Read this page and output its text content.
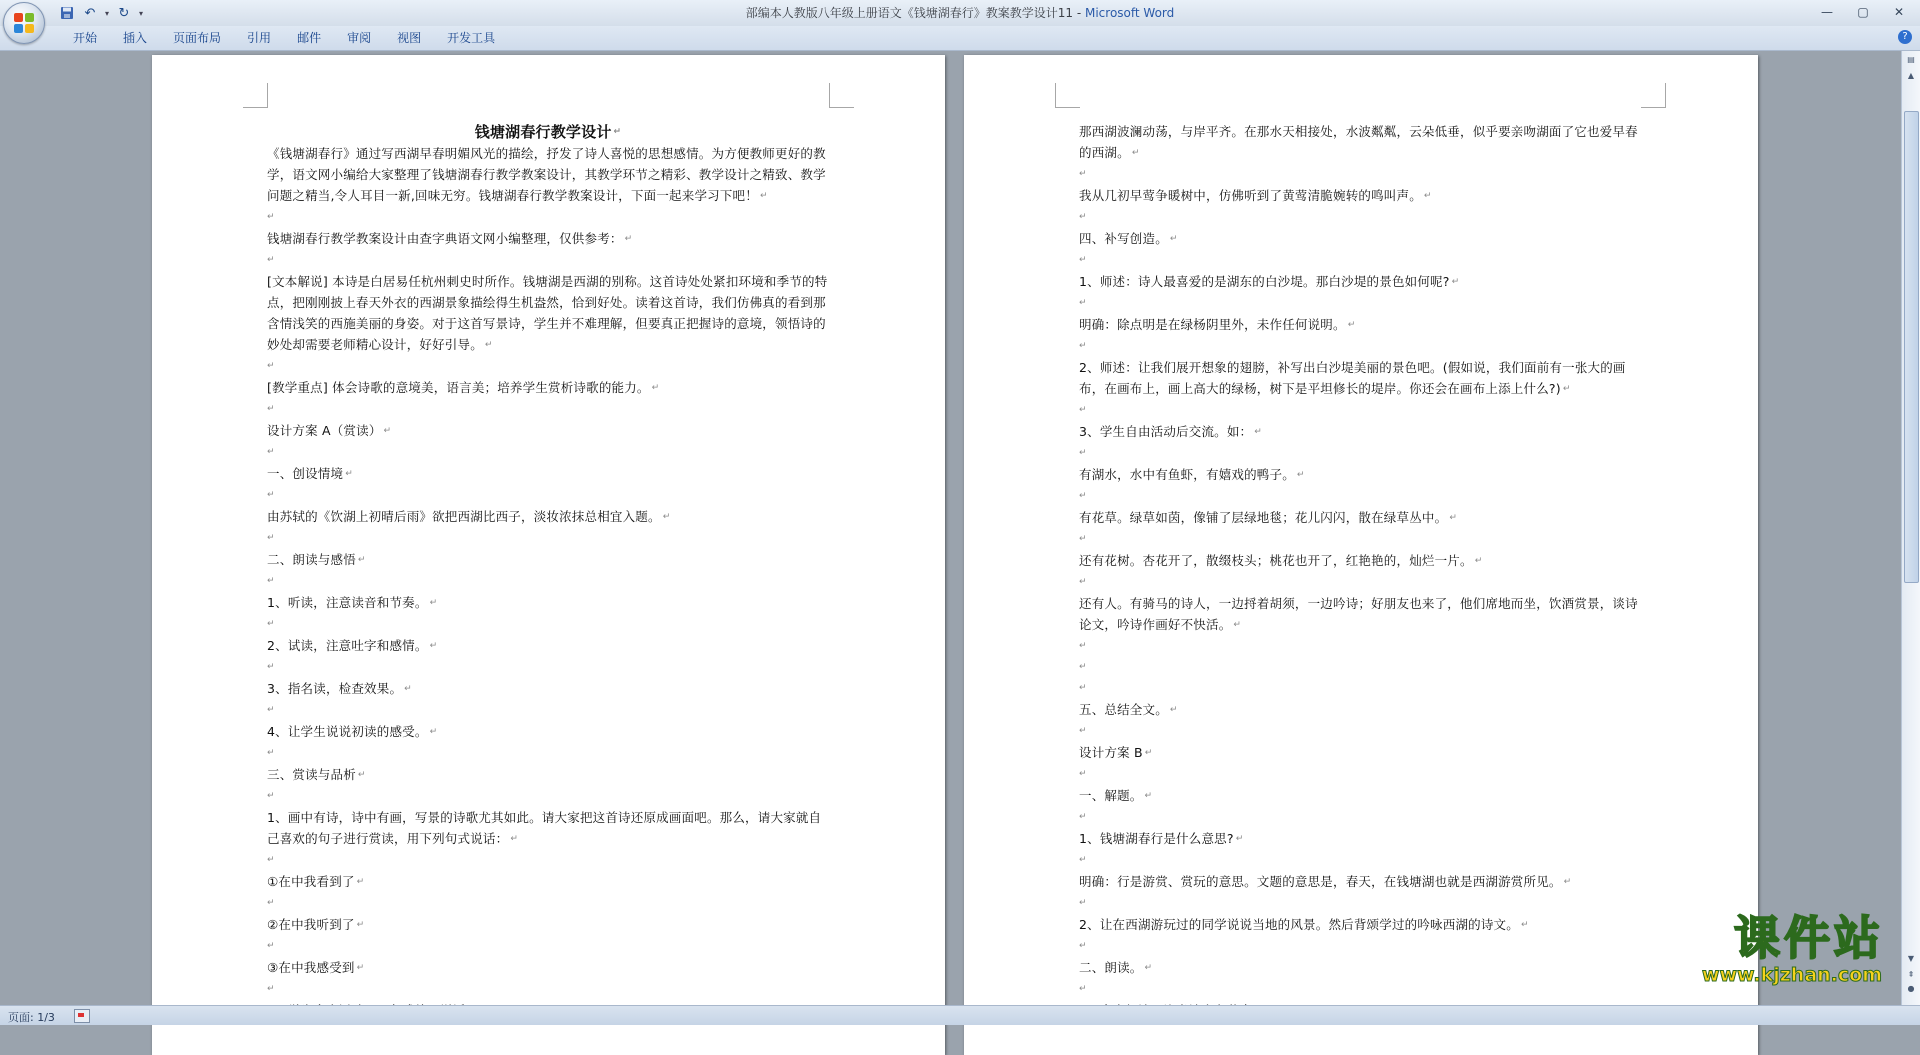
↶	▾ ↻	▾	部编本人教版八年级上册语文《钱塘湖春行》教案教学设计11 - Microsoft Word	—	▢	✕
开始	插入	页面布局	引用	邮件	审阅	视图	开发工具	?
钱塘湖春行教学设计 ↵
《钱塘湖春行》通过写西湖早春明媚风光的描绘，抒发了诗人喜悦的思想感情。为方便教师更好的教学，语文网小编给大家整理了钱塘湖春行教学教案设计，其教学环节之精彩、教学设计之精致、教学问题之精当,令人耳目一新,回味无穷。钱塘湖春行教学教案设计，下面一起来学习下吧！ ↵
↵
钱塘湖春行教学教案设计由查字典语文网小编整理，仅供参考： ↵
↵
[文本解说] 本诗是白居易任杭州刺史时所作。钱塘湖是西湖的别称。这首诗处处紧扣环境和季节的特点，把刚刚披上春天外衣的西湖景象描绘得生机盎然，恰到好处。读着这首诗，我们仿佛真的看到那含情浅笑的西施美丽的身姿。对于这首写景诗，学生并不难理解，但要真正把握诗的意境，领悟诗的妙处却需要老师精心设计，好好引导。 ↵
↵
[教学重点] 体会诗歌的意境美，语言美；培养学生赏析诗歌的能力。 ↵
↵
设计方案 A（赏读） ↵
↵
一、创设情境 ↵
↵
由苏轼的《饮湖上初晴后雨》欲把西湖比西子，淡妆浓抹总相宜入题。 ↵
↵
二、朗读与感悟 ↵
↵
1、听读，注意读音和节奏。 ↵
↵
2、试读，注意吐字和感情。 ↵
↵
3、指名读，检查效果。 ↵
↵
4、让学生说说初读的感受。 ↵
↵
三、赏读与品析 ↵
↵
1、画中有诗，诗中有画，写景的诗歌尤其如此。请大家把这首诗还原成画面吧。那么，请大家就自己喜欢的句子进行赏读，用下列句式说话： ↵
↵
①在中我看到了 ↵
↵
②在中我听到了 ↵
↵
③在中我感受到 ↵
↵
那西湖波澜动荡，与岸平齐。在那水天相接处，水波粼粼，云朵低垂，似乎要亲吻湖面了它也爱早春的西湖。 ↵
↵
我从几初早莺争暖树中，仿佛听到了黄莺清脆婉转的鸣叫声。 ↵
↵
四、补写创造。 ↵
↵
1、师述：诗人最喜爱的是湖东的白沙堤。那白沙堤的景色如何呢? ↵
↵
明确：除点明是在绿杨阴里外，未作任何说明。 ↵
↵
2、师述：让我们展开想象的翅膀，补写出白沙堤美丽的景色吧。(假如说，我们面前有一张大的画布，在画布上，画上高大的绿杨，树下是平坦修长的堤岸。你还会在画布上添上什么?) ↵
↵
3、学生自由活动后交流。如： ↵
↵
有湖水，水中有鱼虾，有嬉戏的鸭子。 ↵
↵
有花草。绿草如茵，像铺了层绿地毯；花儿闪闪，散在绿草丛中。 ↵
↵
还有花树。杏花开了，散缀枝头；桃花也开了，红艳艳的，灿烂一片。 ↵
↵
还有人。有骑马的诗人，一边捋着胡须，一边吟诗；好朋友也来了，他们席地而坐，饮酒赏景，谈诗论文，吟诗作画好不快活。 ↵
↵
↵
↵
五、总结全文。 ↵
↵
设计方案 B ↵
↵
一、解题。 ↵
↵
1、钱塘湖春行是什么意思? ↵
↵
明确：行是游赏、赏玩的意思。文题的意思是，春天，在钱塘湖也就是西湖游赏所见。 ↵
↵
2、让在西湖游玩过的同学说说当地的风景。然后背颂学过的吟咏西湖的诗文。 ↵
↵
二、朗读。 ↵
↵
课件站
www.kjzhan.com
▤
▲
▼
⇞
●
页面: 1/3
